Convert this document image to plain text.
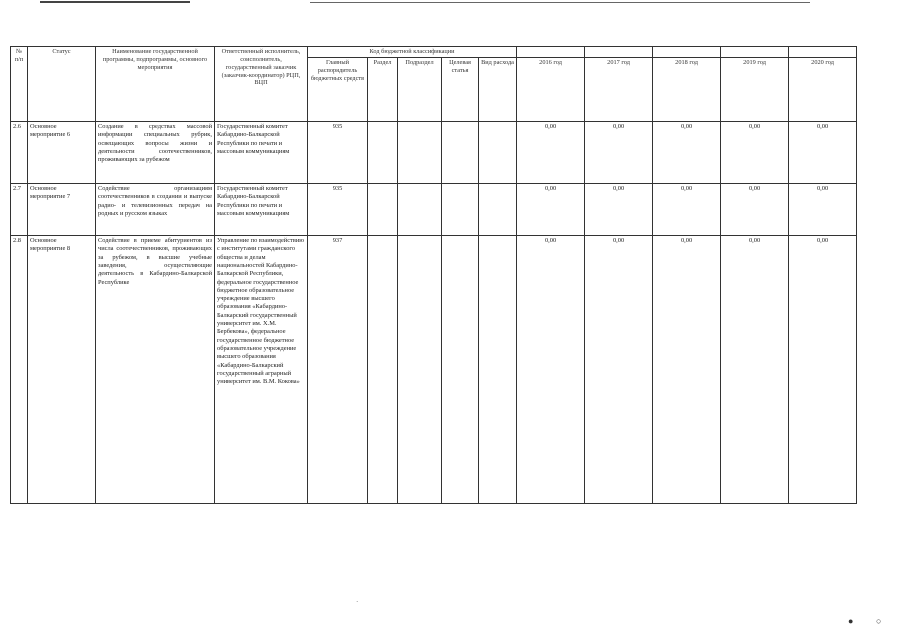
№ п/п	Статус	Наименование государственной программы, подпрограммы, основного мероприятия	Ответственный исполнитель, соисполнитель, государственный заказчик (заказчик-координатор) РЦП, ВЦП	Код бюджетной классификации									
				Главный распорядитель бюджетных средств	Раздел	Подраздел	Целевая статья	Вид расхода	2016 год	2017 год	2018 год	2019 год	2020 год
2.6	Основное мероприятие 6	Создание в средствах массовой информации специальных рубрик, освещающих вопросы жизни и деятельности соотечественников, проживающих за рубежом	Государственный комитет Кабардино-Балкарской Республики по печати и массовым коммуникациям	935					0,00	0,00	0,00	0,00	0,00
2.7	Основное мероприятие 7	Содействие организациям соотечественников в создании и выпуске радио- и телевизионных передач на родных и русском языках	Государственный комитет Кабардино-Балкарской Республики по печати и массовым коммуникациям	935					0,00	0,00	0,00	0,00	0,00
2.8	Основное мероприятие 8	Содействие в приеме абитуриентов из числа соотечественников, проживающих за рубежом, в высшие учебные заведения, осуществляющие деятельность в Кабардино-Балкарской Республике	Управление по взаимодействию с институтами гражданского общества и делам национальностей Кабардино-Балкарской Республики, федеральное государственное бюджетное образовательное учреждение высшего образования «Кабардино-Балкарский государственный университет им. Х.М. Бербекова», федеральное государственное бюджетное образовательное учреждение высшего образования «Кабардино-Балкарский государственный аграрный университет им. В.М. Кокова»	937					0,00	0,00	0,00	0,00	0,00
·
●	○
